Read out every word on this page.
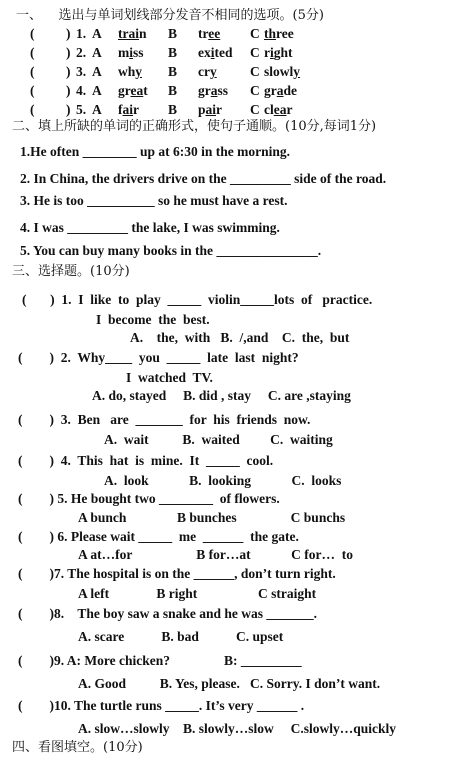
一、    选出与单词划线部分发音不相同的选项。(5分)
( ) 1. A train B tree C three
( ) 2. A miss B exited C right
( ) 3. A why B cry C slowly
( ) 4. A great B grass C grade
( ) 5. A fair B pair C clear
二、填上所缺的单词的正确形式，使句子通顺。(10分,每词1分)
1.He often ________ up at 6:30 in the morning.
2. In China, the drivers drive on the _________ side of the road.
3. He is too __________ so he must have a rest.
4. I was _________ the lake, I was swimming.
5. You can buy many books in the _______________.
三、选择题。(10分)
(       )  1.  I  like  to  play  _____  violin_____lots  of   practice.
I  become  the  best.
A.    the,  with   B.  /,and    C.  the,  but
(        )  2.  Why____  you  _____  late  last  night?
I  watched  TV.
A. do, stayed     B. did , stay     C. are ,staying
(        )  3.  Ben   are  _______  for  his  friends  now.
A.  wait          B.  waited         C.  waiting
(        )  4.  This  hat  is  mine.  It  _____  cool.
A.  look            B.  looking            C.  looks
(        ) 5. He bought two ________  of flowers.
A bunch               B bunches                C bunchs
(        ) 6. Please wait _____  me  ______  the gate.
A at…for                   B for…at            C for…  to
(        )7. The hospital is on the ______, don’t turn right.
A left              B right                  C straight
(        )8.    The boy saw a snake and he was _______.
A. scare           B. bad           C. upset
(        )9. A: More chicken?                B: _________
A. Good          B. Yes, please.   C. Sorry. I don’t want.
(        )10. The turtle runs _____. It’s very ______ .
A. slow…slowly    B. slowly…slow     C.slowly…quickly
四、看图填空。(10分)
